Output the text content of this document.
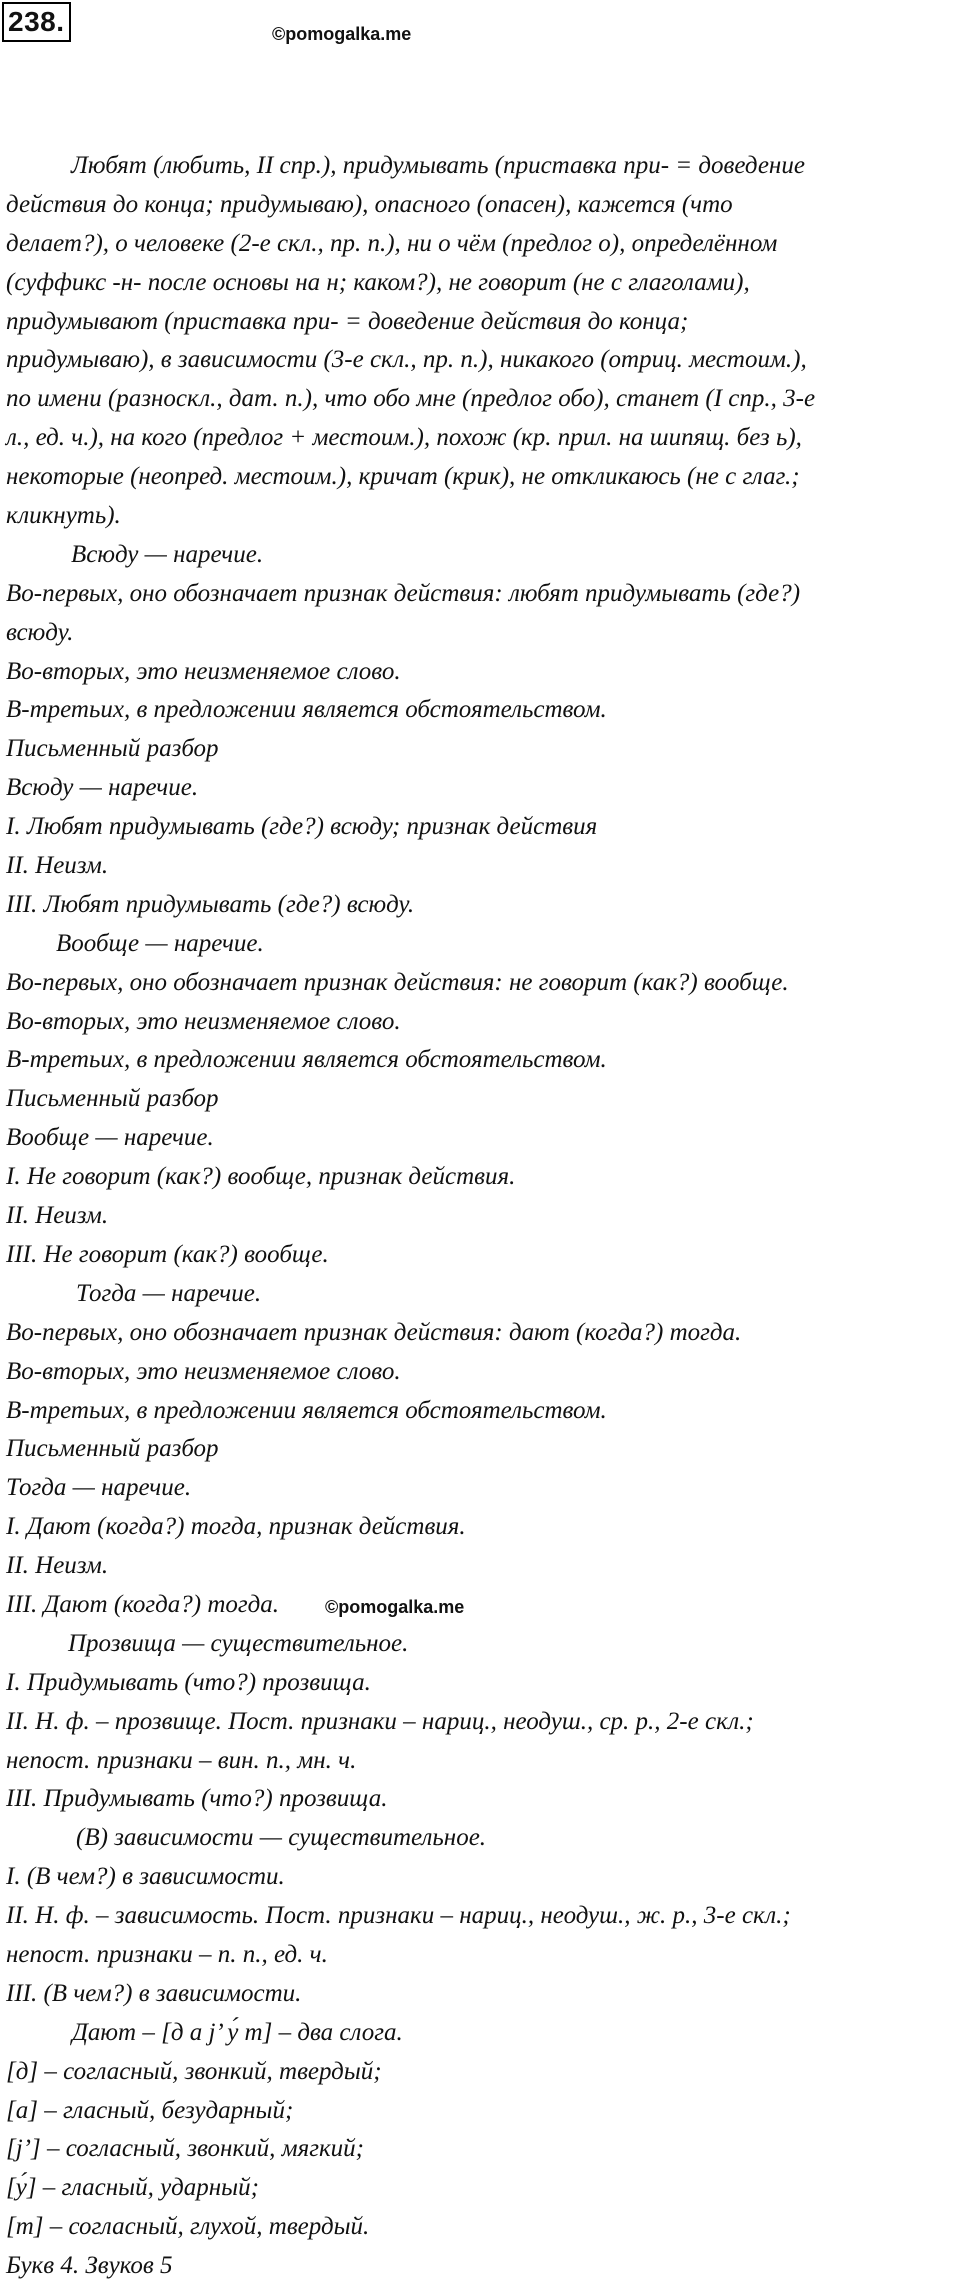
238.	©pomogalka.me
©pomogalka.me
Любят (любить, II спр.), придумывать (приставка при- = доведение
действия до конца; придумываю), опасного (опасен), кажется (что
делает?), о человеке (2-е скл., пр. п.), ни о чём (предлог о), определённом
(суффикс -н- после основы на н; каком?), не говорит (не с глаголами),
придумывают (приставка при- = доведение действия до конца;
придумываю), в зависимости (3-е скл., пр. п.), никакого (отриц. местоим.),
по имени (разноскл., дат. п.), что обо мне (предлог обо), станет (I спр., 3-е
л., ед. ч.), на кого (предлог + местоим.), похож (кр. прил. на шипящ. без ь),
некоторые (неопред. местоим.), кричат (крик), не откликаюсь (не с глаг.;
кликнуть).
Всюду — наречие.
Во-первых, оно обозначает признак действия: любят придумывать (где?)
всюду.
Во-вторых, это неизменяемое слово.
В-третьих, в предложении является обстоятельством.
Письменный разбор
Всюду — наречие.
I. Любят придумывать (где?) всюду; признак действия
II. Неизм.
III. Любят придумывать (где?) всюду.
Вообще — наречие.
Во-первых, оно обозначает признак действия: не говорит (как?) вообще.
Во-вторых, это неизменяемое слово.
В-третьих, в предложении является обстоятельством.
Письменный разбор
Вообще — наречие.
I. Не говорит (как?) вообще, признак действия.
II. Неизм.
III. Не говорит (как?) вообще.
Тогда — наречие.
Во-первых, оно обозначает признак действия: дают (когда?) тогда.
Во-вторых, это неизменяемое слово.
В-третьих, в предложении является обстоятельством.
Письменный разбор
Тогда — наречие.
I. Дают (когда?) тогда, признак действия.
II. Неизм.
III. Дают (когда?) тогда.
Прозвища — существительное.
I. Придумывать (что?) прозвища.
II. Н. ф. – прозвище. Пост. признаки – нариц., неодуш., ср. р., 2-е скл.;
непост. признаки – вин. п., мн. ч.
III. Придумывать (что?) прозвища.
(В) зависимости — существительное.
I. (В чем?) в зависимости.
II. Н. ф. – зависимость. Пост. признаки – нариц., неодуш., ж. р., 3-е скл.;
непост. признаки – п. п., ед. ч.
III. (В чем?) в зависимости.
Дают – [д а j’ у́ т] – два слога.
[д] – согласный, звонкий, твердый;
[а] – гласный, безударный;
[j’] – согласный, звонкий, мягкий;
[у́] – гласный, ударный;
[т] – согласный, глухой, твердый.
Букв 4. Звуков 5
